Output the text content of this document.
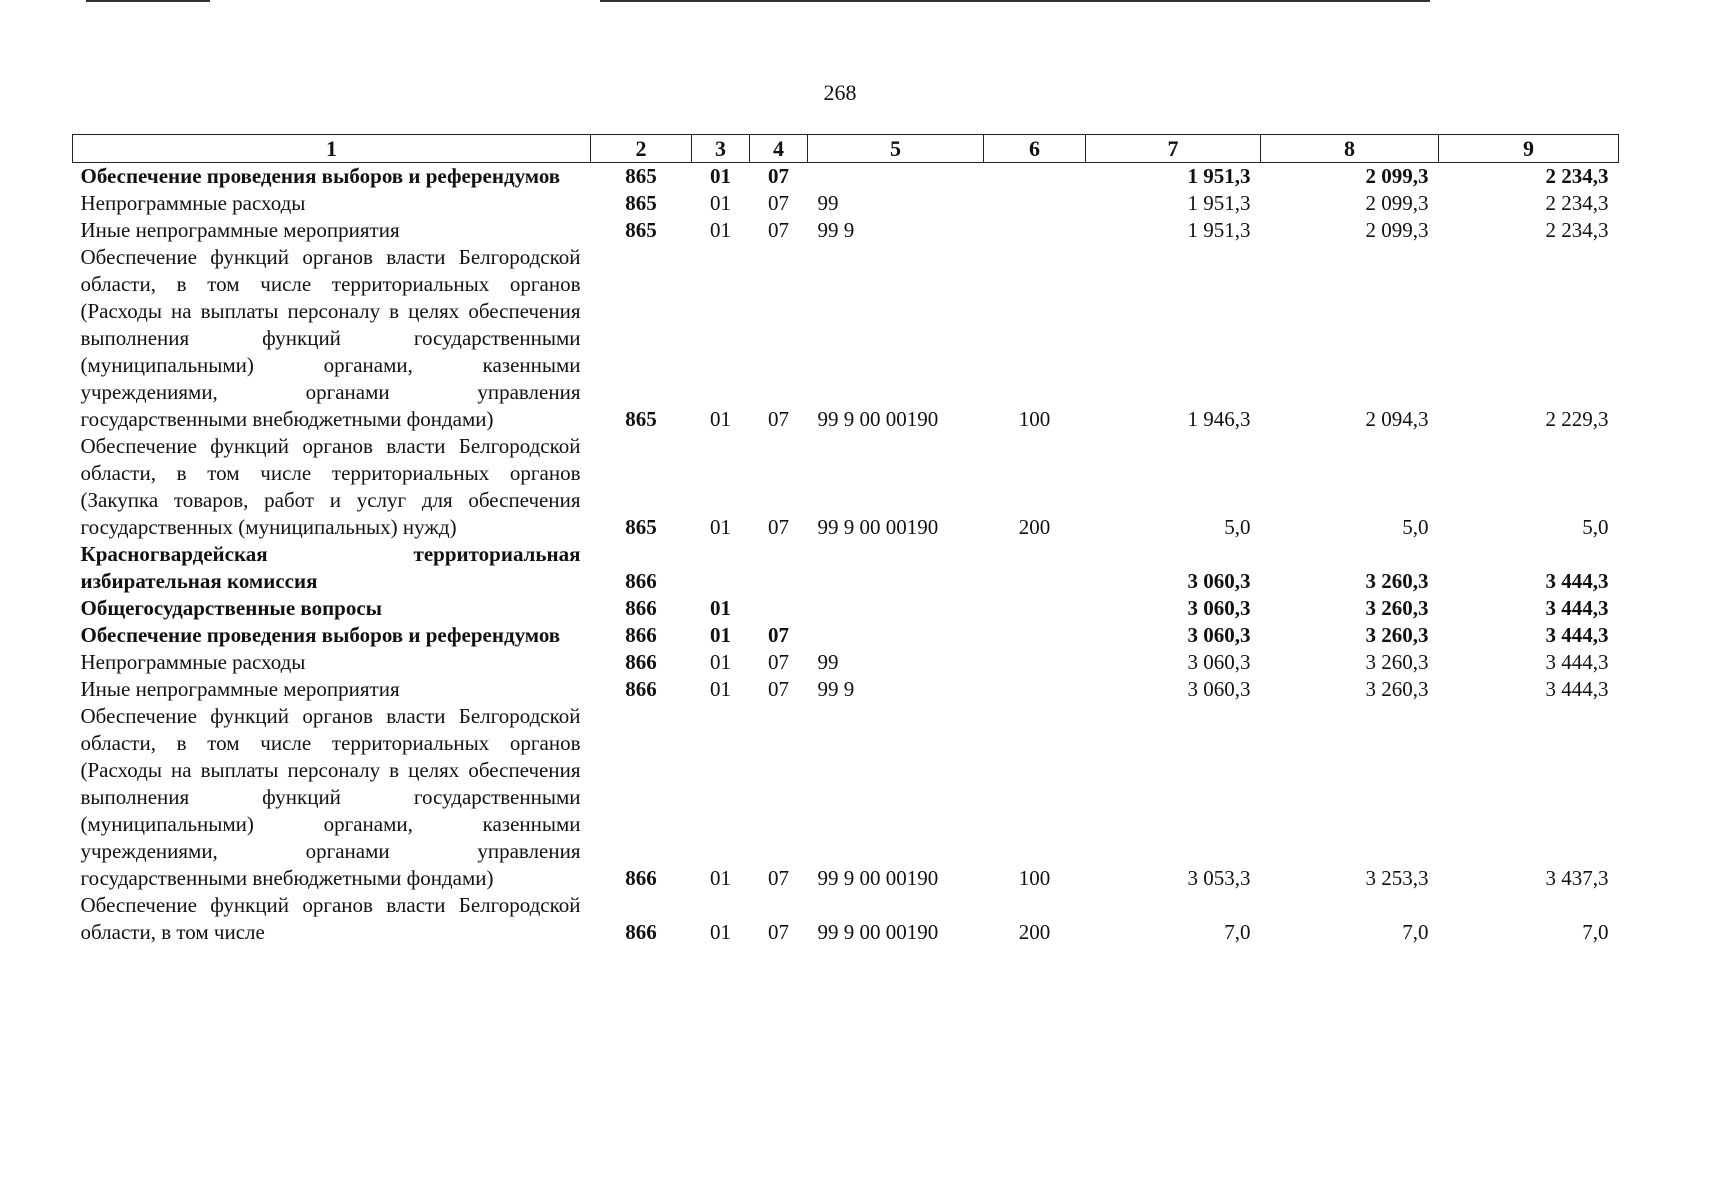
268
1	2	3	4	5	6	7	8	9
Обеспечение проведения выборов и референдумов	865	01	07			1 951,3	2 099,3	2 234,3
Непрограммные расходы	865	01	07	99		1 951,3	2 099,3	2 234,3
Иные непрограммные мероприятия	865	01	07	99 9		1 951,3	2 099,3	2 234,3
Обеспечение функций органов власти Белгородской области, в том числе территориальных органов (Расходы на выплаты персоналу в целях обеспечения выполнения функций государственными (муниципальными) органами, казенными учреждениями, органами управления государственными внебюджетными фондами)	865	01	07	99 9 00 00190	100	1 946,3	2 094,3	2 229,3
Обеспечение функций органов власти Белгородской области, в том числе территориальных органов (Закупка товаров, работ и услуг для обеспечения государственных (муниципальных) нужд)	865	01	07	99 9 00 00190	200	5,0	5,0	5,0
Красногвардейская территориальная избирательная комиссия	866					3 060,3	3 260,3	3 444,3
Общегосударственные вопросы	866	01				3 060,3	3 260,3	3 444,3
Обеспечение проведения выборов и референдумов	866	01	07			3 060,3	3 260,3	3 444,3
Непрограммные расходы	866	01	07	99		3 060,3	3 260,3	3 444,3
Иные непрограммные мероприятия	866	01	07	99 9		3 060,3	3 260,3	3 444,3
Обеспечение функций органов власти Белгородской области, в том числе территориальных органов (Расходы на выплаты персоналу в целях обеспечения выполнения функций государственными (муниципальными) органами, казенными учреждениями, органами управления государственными внебюджетными фондами)	866	01	07	99 9 00 00190	100	3 053,3	3 253,3	3 437,3
Обеспечение функций органов власти Белгородской области, в том числе	866	01	07	99 9 00 00190	200	7,0	7,0	7,0
